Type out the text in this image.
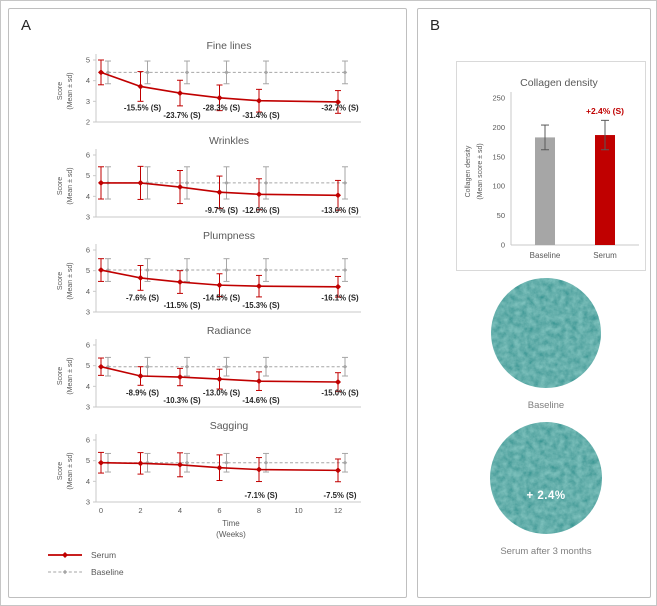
A
Fine lines
Score (Mean ± sd)
2
3
4
5
-15.5% (S)
-23.7% (S)
-28.3% (S)
-31.4% (S)
-32.7% (S)
Wrinkles
Score (Mean ± sd)
3
4
5
6
-9.7% (S) -12.0% (S)	-13.0% (S)
Plumpness
Score (Mean ± sd)
3
4
5
6
-7.6% (S)
-11.5% (S)
-14.5% (S)
-15.3% (S)
-16.1% (S)
Radiance
Score (Mean ± sd)
3
4
5
6
-8.9% (S)
-10.3% (S)
-13.0% (S)
-14.6% (S)
-15.0% (S)
Sagging
Score (Mean ± sd)
3
4
5
6
-7.1% (S)	-7.5% (S)
0	2	4	6	8	10	12
Time
(Weeks)
Serum
Baseline
B
Collagen density
Collagen density (Mean score ± sd)
0
50
100
150
200
250
Baseline	Serum
+2.4% (S)
Baseline
+ 2.4%
Serum after 3 months
